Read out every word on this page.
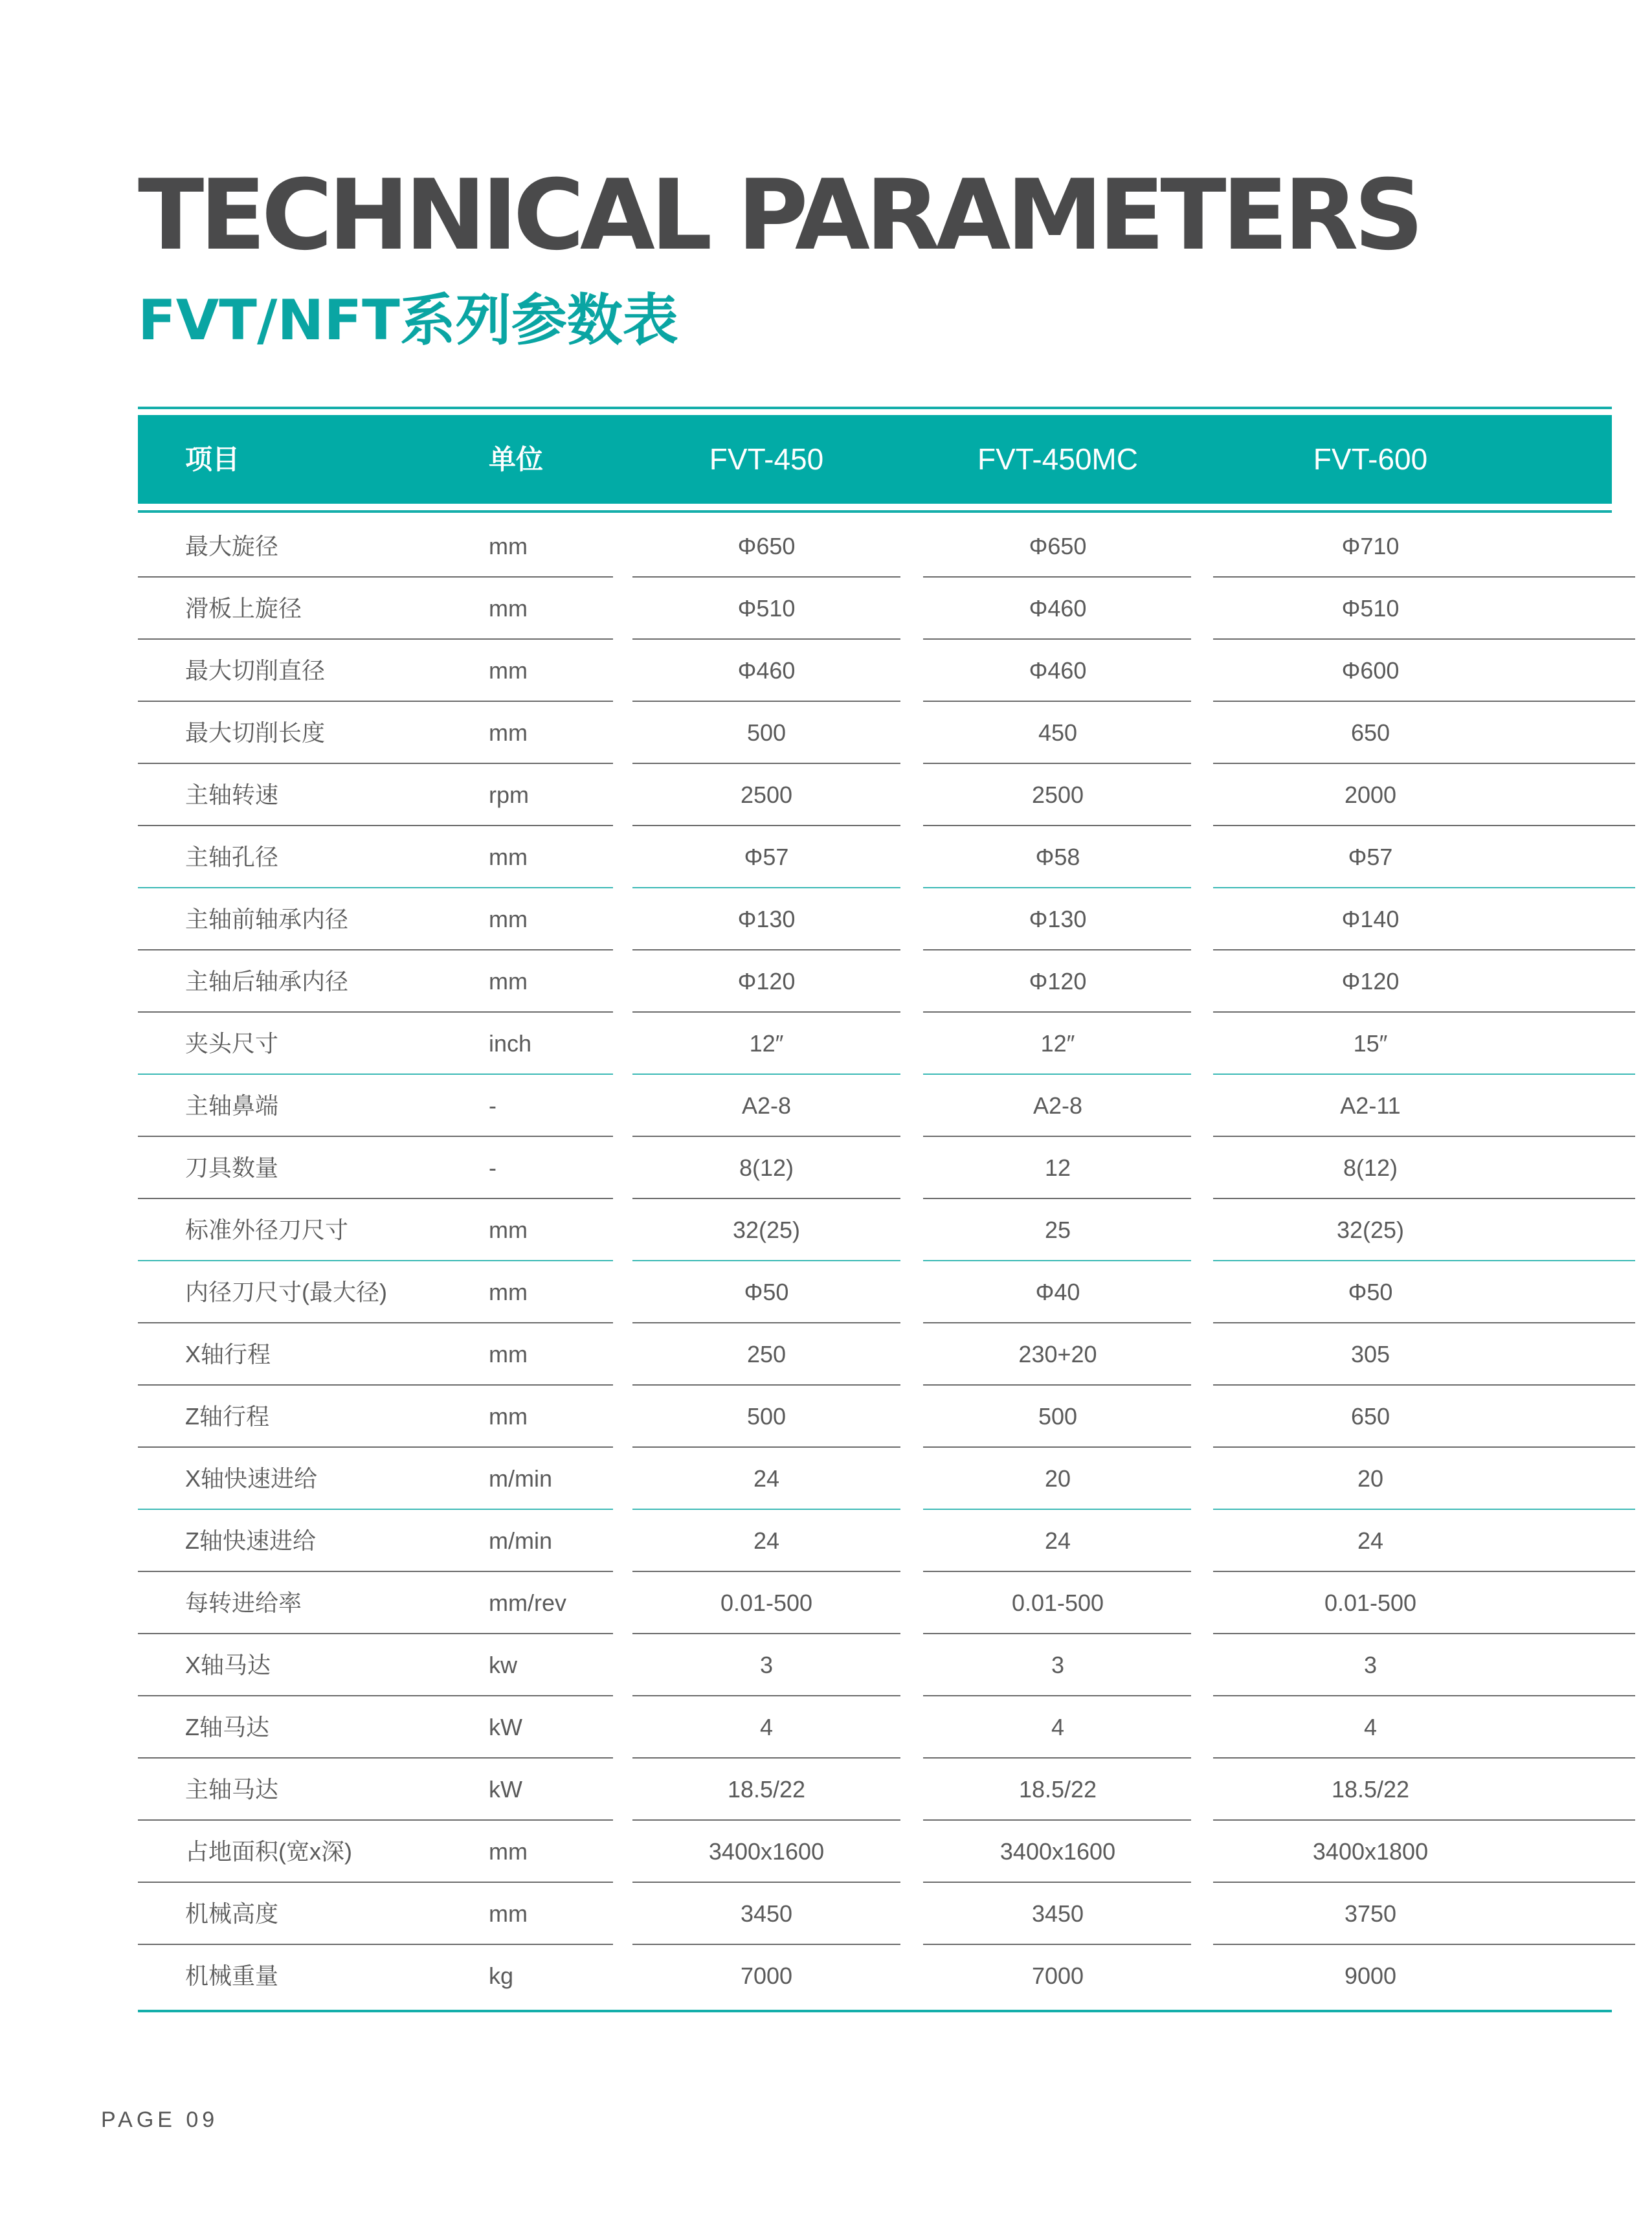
TECHNICAL PARAMETERS
FVT/NFT系列参数表
项目	单位	FVT-450	FVT-450MC	FVT-600
最大旋径	mm	Φ650	Φ650	Φ710
滑板上旋径	mm	Φ510	Φ460	Φ510
最大切削直径	mm	Φ460	Φ460	Φ600
最大切削长度	mm	500	450	650
主轴转速	rpm	2500	2500	2000
主轴孔径	mm	Φ57	Φ58	Φ57
主轴前轴承内径	mm	Φ130	Φ130	Φ140
主轴后轴承内径	mm	Φ120	Φ120	Φ120
夹头尺寸	inch	12″	12″	15″
主轴鼻端	-	A2-8	A2-8	A2-11
刀具数量	-	8(12)	12	8(12)
标准外径刀尺寸	mm	32(25)	25	32(25)
内径刀尺寸(最大径)	mm	Φ50	Φ40	Φ50
X轴行程	mm	250	230+20	305
Z轴行程	mm	500	500	650
X轴快速进给	m/min	24	20	20
Z轴快速进给	m/min	24	24	24
每转进给率	mm/rev	0.01-500	0.01-500	0.01-500
X轴马达	kw	3	3	3
Z轴马达	kW	4	4	4
主轴马达	kW	18.5/22	18.5/22	18.5/22
占地面积(宽x深)	mm	3400x1600	3400x1600	3400x1800
机械高度	mm	3450	3450	3750
机械重量	kg	7000	7000	9000
PAGE 09
